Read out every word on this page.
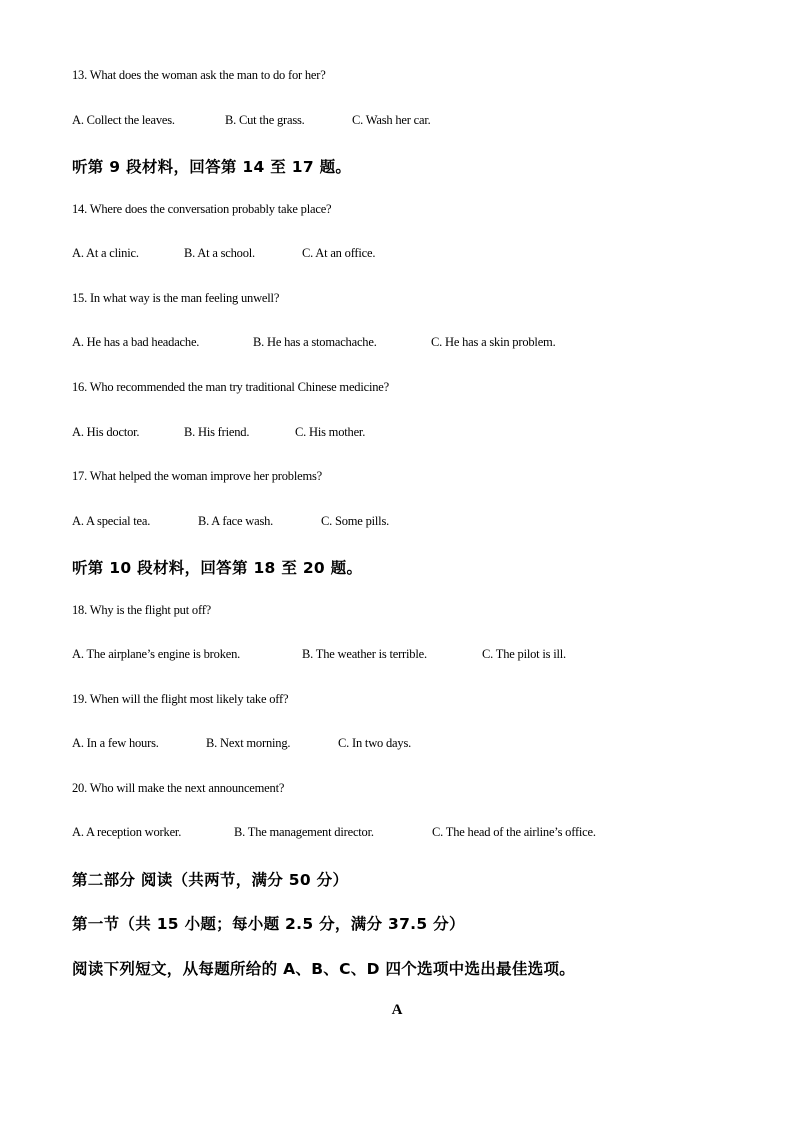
13. What does the woman ask the man to do for her?

A. Collect the leaves.

	B. Cut the grass.

	C. Wash her car.

听第 9 段材料，回答第 14 至 17 题。
14. Where does the conversation probably take place?

A. At a clinic.

	B. At a school.

	C. At an office.

15. In what way is the man feeling unwell?

A. He has a bad headache.

	B. He has a stomachache.

	C. He has a skin problem.

16. Who recommended the man try traditional Chinese medicine?

A. His doctor.

	B. His friend.

	C. His mother.

17. What helped the woman improve her problems?

A. A special tea.

	B. A face wash.

	C. Some pills.

听第 10 段材料，回答第 18 至 20 题。
18. Why is the flight put off?

A. The airplane’s engine is broken.

	B. The weather is terrible.

	C. The pilot is ill.

19. When will the flight most likely take off?

A. In a few hours.

	B. Next morning.

	C. In two days.

20. Who will make the next announcement?

A. A reception worker.

	B. The management director.

	C. The head of the airline’s office.

第二部分 阅读（共两节，满分 50 分）
第一节（共 15 小题；每小题 2.5 分，满分 37.5 分）
阅读下列短文，从每题所给的 A、B、C、D 四个选项中选出最佳选项。
A
